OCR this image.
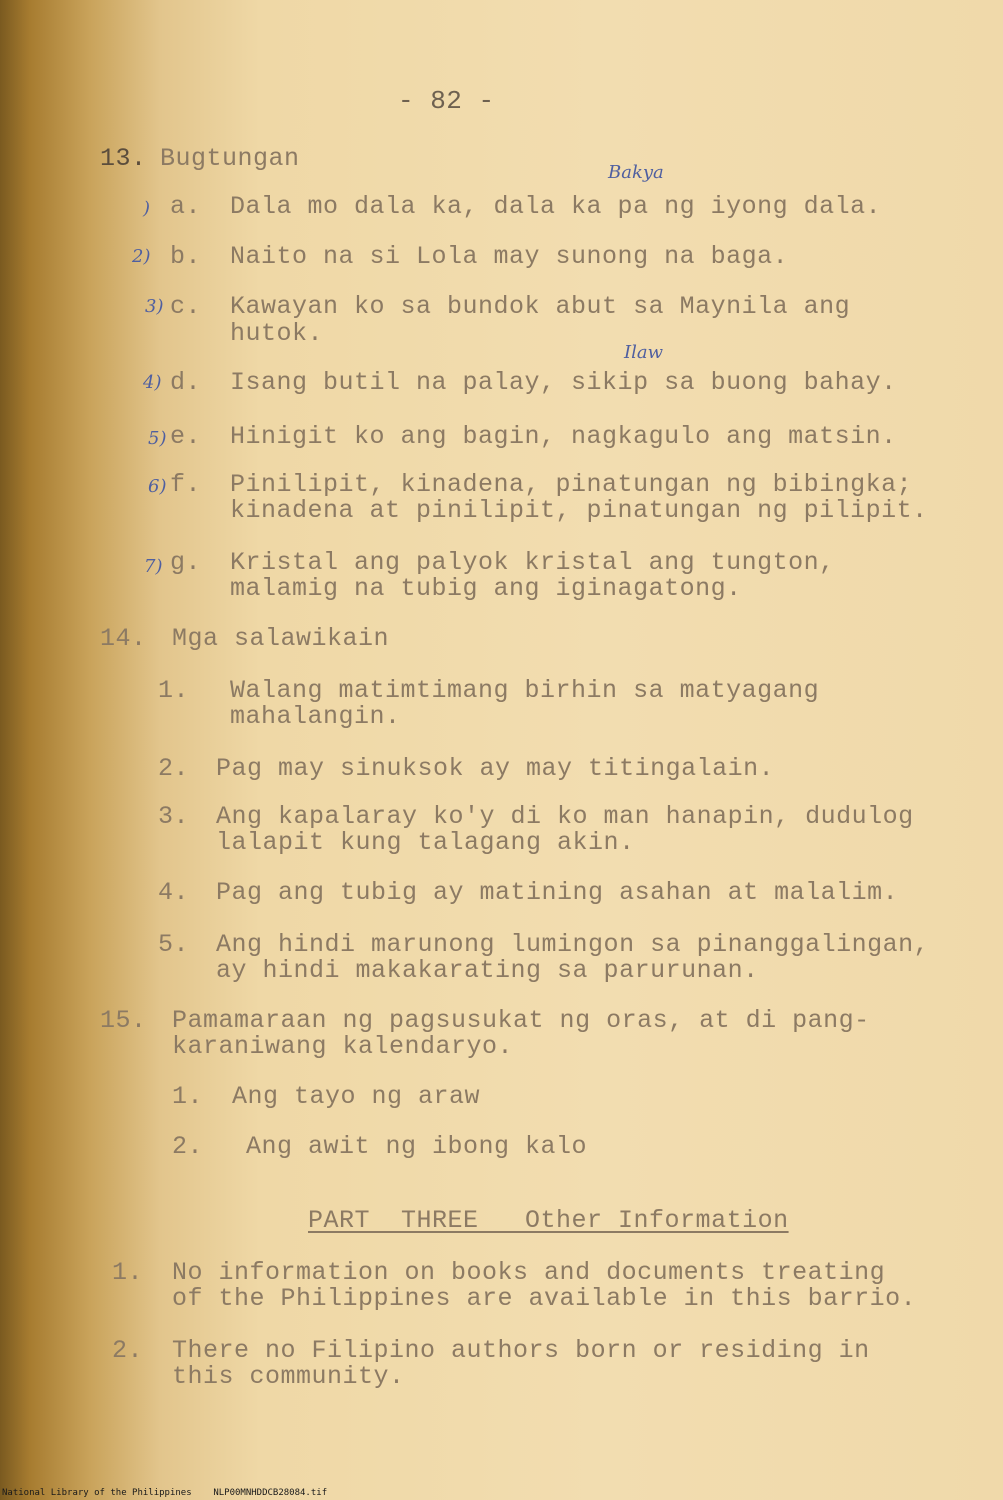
- 82 -
13. Bugtungan	Bakya
) a. Dala mo dala ka, dala ka pa ng iyong dala.
2) b. Naito na si Lola may sunong na baga.
3) c. Kawayan ko sa bundok abut sa Maynila ang
hutok.
Ilaw
4) d. Isang butil na palay, sikip sa buong bahay.
5) e. Hinigit ko ang bagin, nagkagulo ang matsin.
6) f. Pinilipit, kinadena, pinatungan ng bibingka;
kinadena at pinilipit, pinatungan ng pilipit.
7) g. Kristal ang palyok kristal ang tungton,
malamig na tubig ang iginagatong.
14. Mga salawikain
1. Walang matimtimang birhin sa matyagang
mahalangin.
2. Pag may sinuksok ay may titingalain.
3. Ang kapalaray ko'y di ko man hanapin, dudulog
lalapit kung talagang akin.
4. Pag ang tubig ay matining asahan at malalim.
5. Ang hindi marunong lumingon sa pinanggalingan,
ay hindi makakarating sa parurunan.
15. Pamamaraan ng pagsusukat ng oras, at di pang-
karaniwang kalendaryo.
1. Ang tayo ng araw
2. Ang awit ng ibong kalo
PART  THREE   Other Information
1. No information on books and documents treating
of the Philippines are available in this barrio.
2. There no Filipino authors born or residing in
this community.
National Library of the Philippines    NLP00MNHDDCB28084.tif
